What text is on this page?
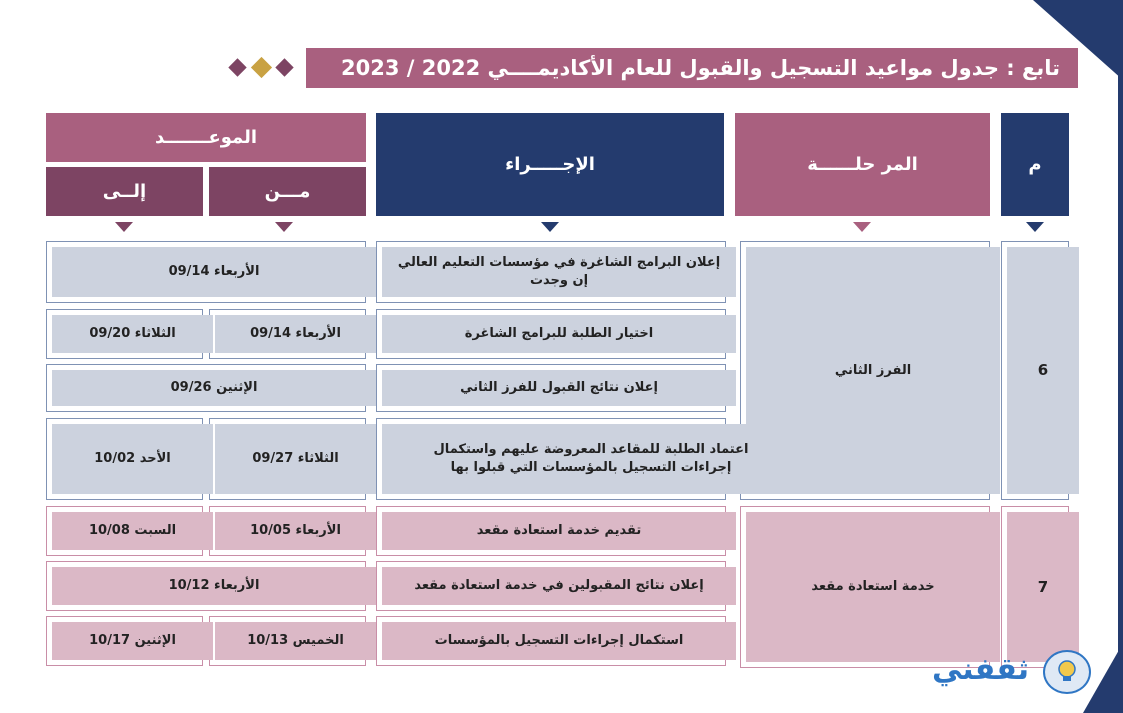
تابع : جدول مواعيد التسجيل والقبول للعام الأكاديمــــي 2022 / 2023
م
المر حلــــــة
الإجـــــراء
الموعـــــــد
مـــن
إلــى
6
الفرز الثاني
7
خدمة استعادة مقعد
إعلان البرامج الشاغرة في مؤسسات التعليم العالي إن وجدت
الأربعاء 09/14
اختيار الطلبة للبرامج الشاغرة
الأربعاء 09/14
الثلاثاء 09/20
إعلان نتائج القبول للفرز الثاني
الإثنين 09/26
اعتماد الطلبة للمقاعد المعروضة عليهم واستكمال إجراءات التسجيل بالمؤسسات التي قبلوا بها
الثلاثاء 09/27
الأحد 10/02
تقديم خدمة استعادة مقعد
الأربعاء 10/05
السبت 10/08
إعلان نتائج المقبولين في خدمة استعادة مقعد
الأربعاء 10/12
استكمال إجراءات التسجيل بالمؤسسات
الخميس 10/13
الإثنين 10/17
ثقفني
